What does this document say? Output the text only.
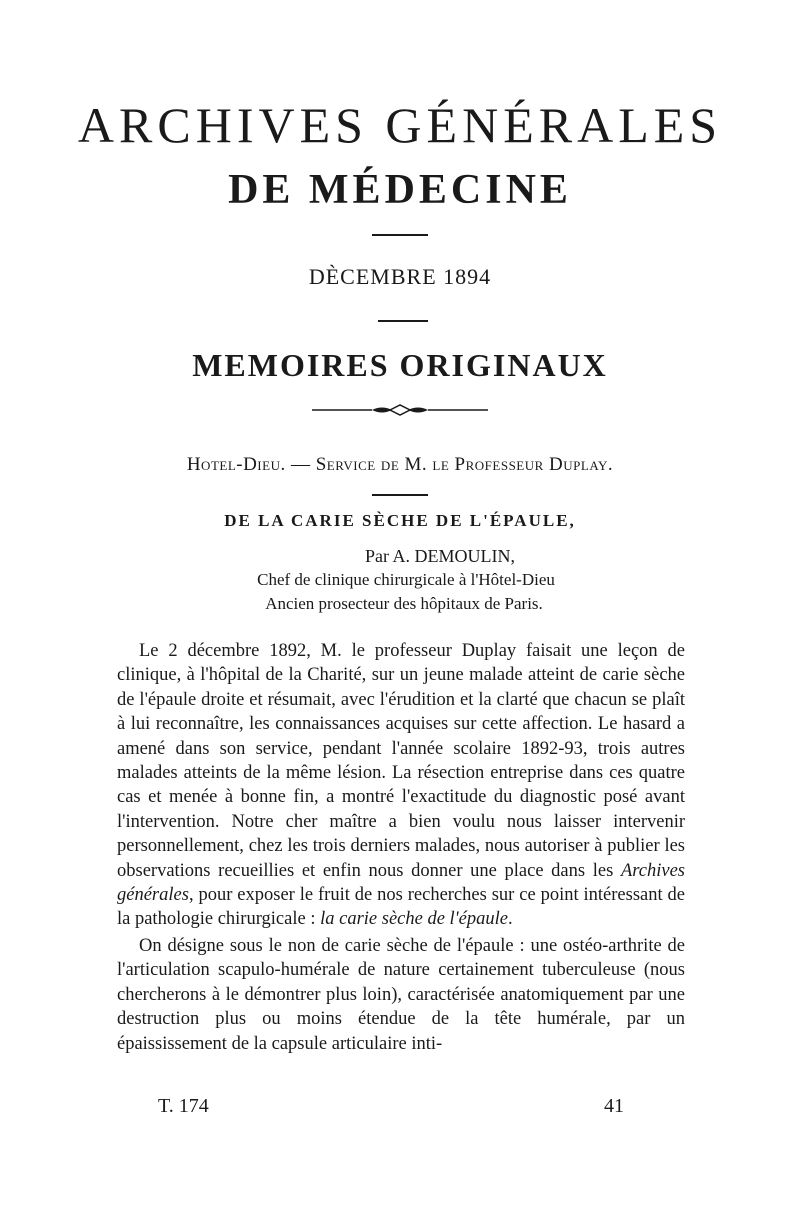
ARCHIVES GÉNÉRALES
DE MÉDECINE
DÈCEMBRE 1894
MEMOIRES ORIGINAUX
Hotel-Dieu. — Service de M. le Professeur Duplay.
DE LA CARIE SÈCHE DE L'ÉPAULE,
Par A. DEMOULIN,
Chef de clinique chirurgicale à l'Hôtel-Dieu
Ancien prosecteur des hôpitaux de Paris.

Le 2 décembre 1892, M. le professeur Duplay faisait une leçon de clinique, à l'hôpital de la Charité, sur un jeune malade atteint de carie sèche de l'épaule droite et résumait, avec l'érudition et la clarté que chacun se plaît à lui reconnaître, les connaissances acquises sur cette affection. Le hasard a amené dans son service, pendant l'année scolaire 1892-93, trois autres malades atteints de la même lésion. La résection entreprise dans ces quatre cas et menée à bonne fin, a montré l'exactitude du diagnostic posé avant l'intervention. Notre cher maître a bien voulu nous laisser intervenir personnellement, chez les trois derniers malades, nous autoriser à publier les observations recueillies et enfin nous donner une place dans les Archives générales, pour exposer le fruit de nos recherches sur ce point intéressant de la pathologie chirurgicale : la carie sèche de l'épaule.

On désigne sous le non de carie sèche de l'épaule : une ostéo-arthrite de l'articulation scapulo-humérale de nature certainement tuberculeuse (nous chercherons à le démontrer plus loin), caractérisée anatomiquement par une destruction plus ou moins étendue de la tête humérale, par un épaississement de la capsule articulaire inti-

T. 174	41
